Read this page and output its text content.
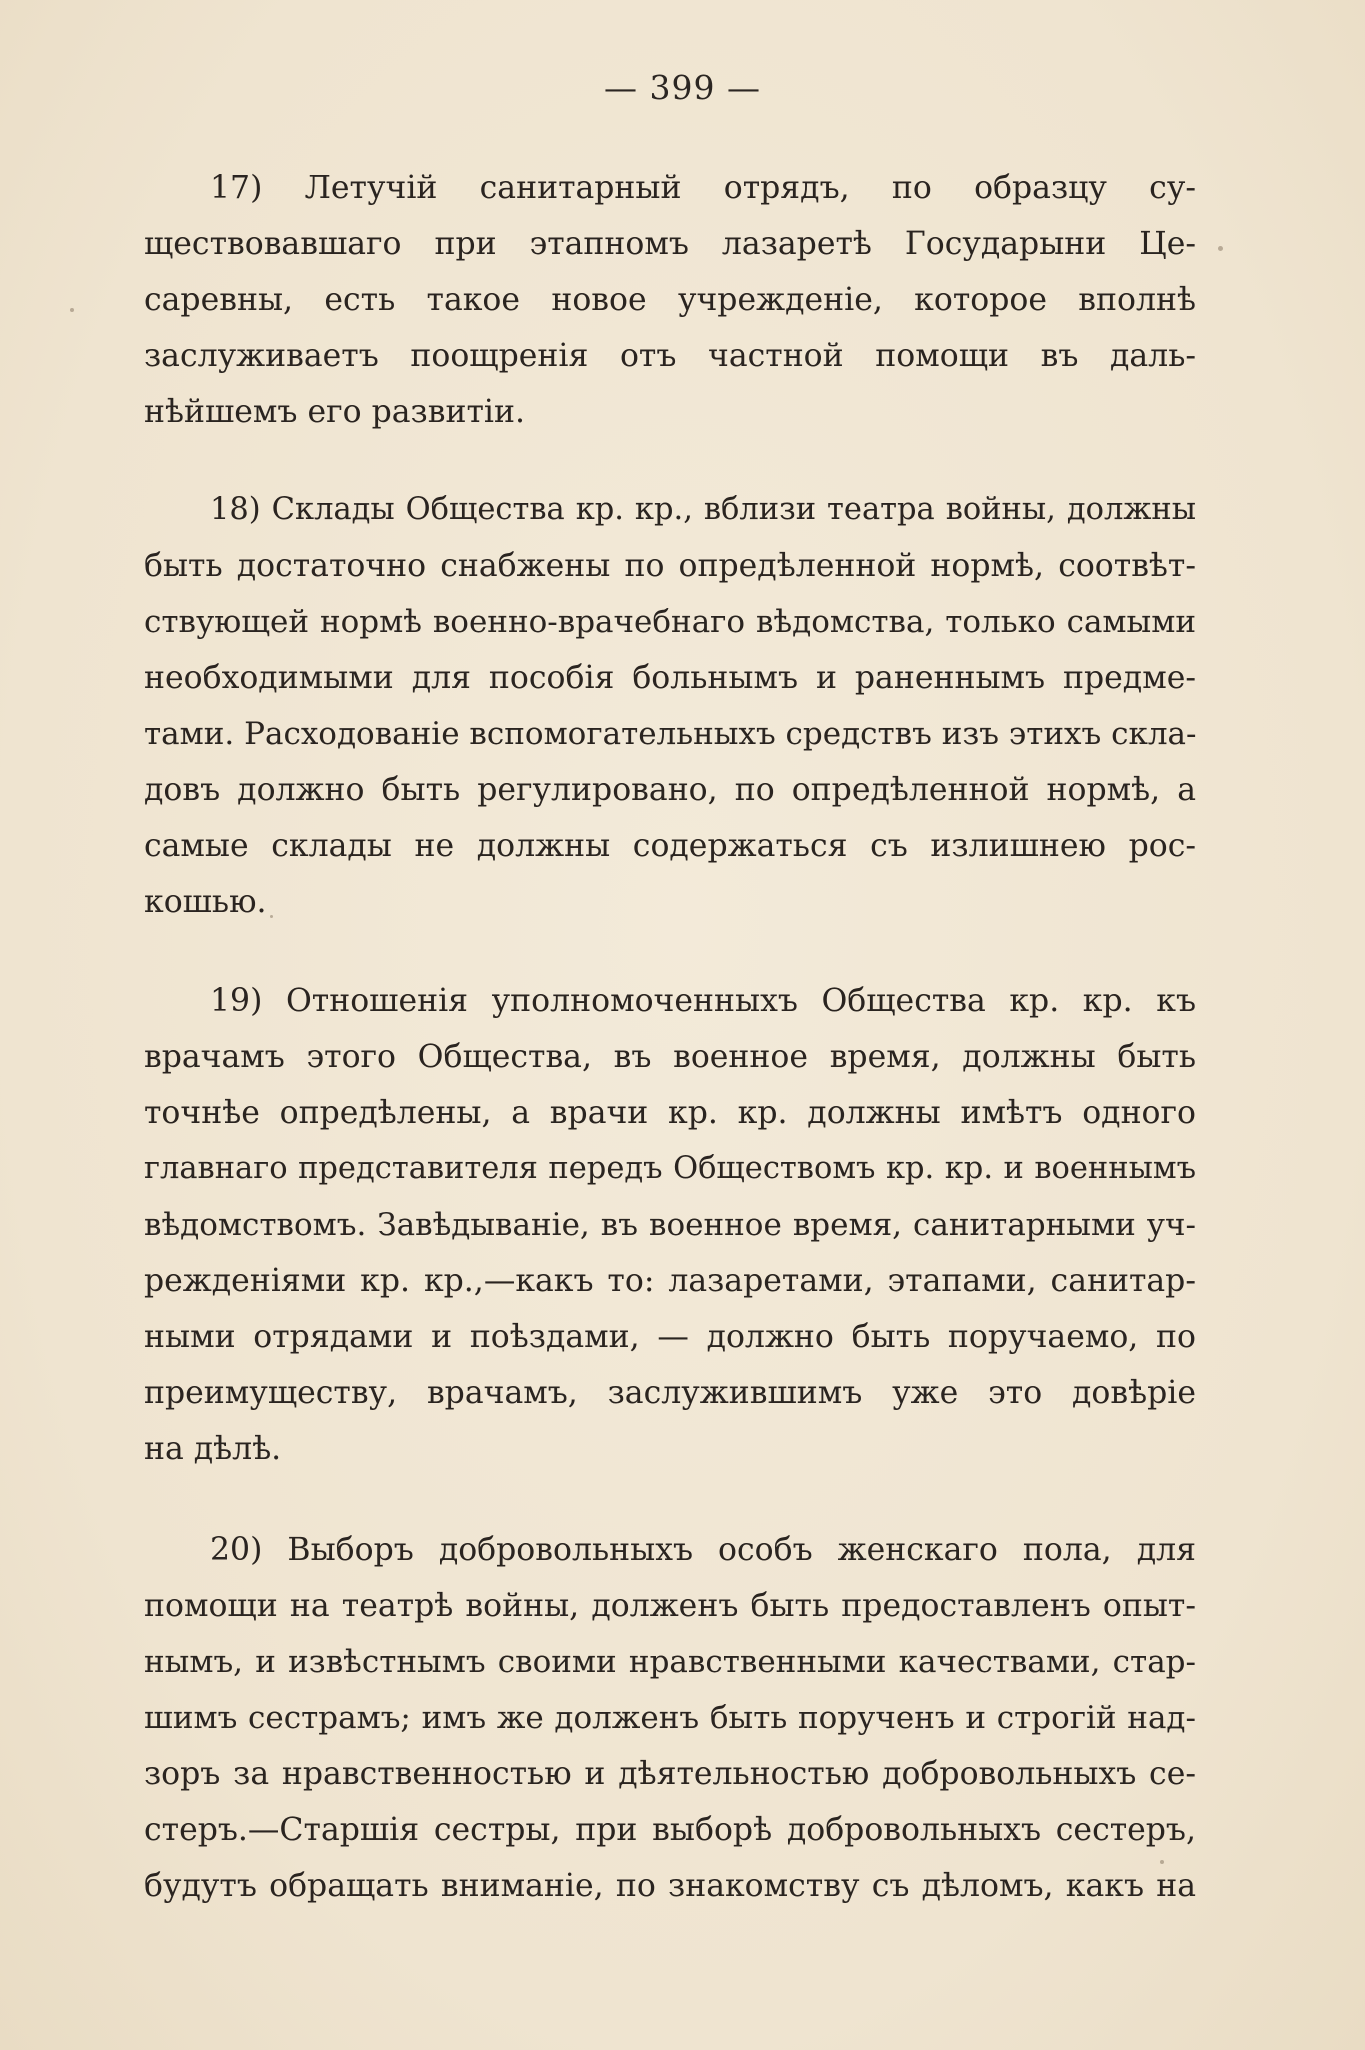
— 399 —
17) Летучій санитарный отрядъ, по образцу су-
ществовавшаго при этапномъ лазаретѣ Государыни Це-
саревны, есть такое новое учрежденіе, которое вполнѣ
заслуживаетъ поощренія отъ частной помощи въ даль-
нѣйшемъ его развитіи.
18) Склады Общества кр. кр., вблизи театра войны, должны
быть достаточно снабжены по опредѣленной нормѣ, соотвѣт-
ствующей нормѣ военно-врачебнаго вѣдомства, только самыми
необходимыми для пособія больнымъ и раненнымъ предме-
тами. Расходованіе вспомогательныхъ средствъ изъ этихъ скла-
довъ должно быть регулировано, по опредѣленной нормѣ, а
самые склады не должны содержаться съ излишнею рос-
кошью.
19) Отношенія уполномоченныхъ Общества кр. кр. къ
врачамъ этого Общества, въ военное время, должны быть
точнѣе опредѣлены, а врачи кр. кр. должны имѣтъ одного
главнаго представителя передъ Обществомъ кр. кр. и военнымъ
вѣдомствомъ. Завѣдываніе, въ военное время, санитарными уч-
режденіями кр. кр.,—какъ то: лазаретами, этапами, санитар-
ными отрядами и поѣздами, — должно быть поручаемо, по
преимуществу, врачамъ, заслужившимъ уже это довѣріе
на дѣлѣ.
20) Выборъ добровольныхъ особъ женскаго пола, для
помощи на театрѣ войны, долженъ быть предоставленъ опыт-
нымъ, и извѣстнымъ своими нравственными качествами, стар-
шимъ сестрамъ; имъ же долженъ быть порученъ и строгій над-
зоръ за нравственностью и дѣятельностью добровольныхъ се-
стеръ.—Старшія сестры, при выборѣ добровольныхъ сестеръ,
будутъ обращать вниманіе, по знакомству съ дѣломъ, какъ на
